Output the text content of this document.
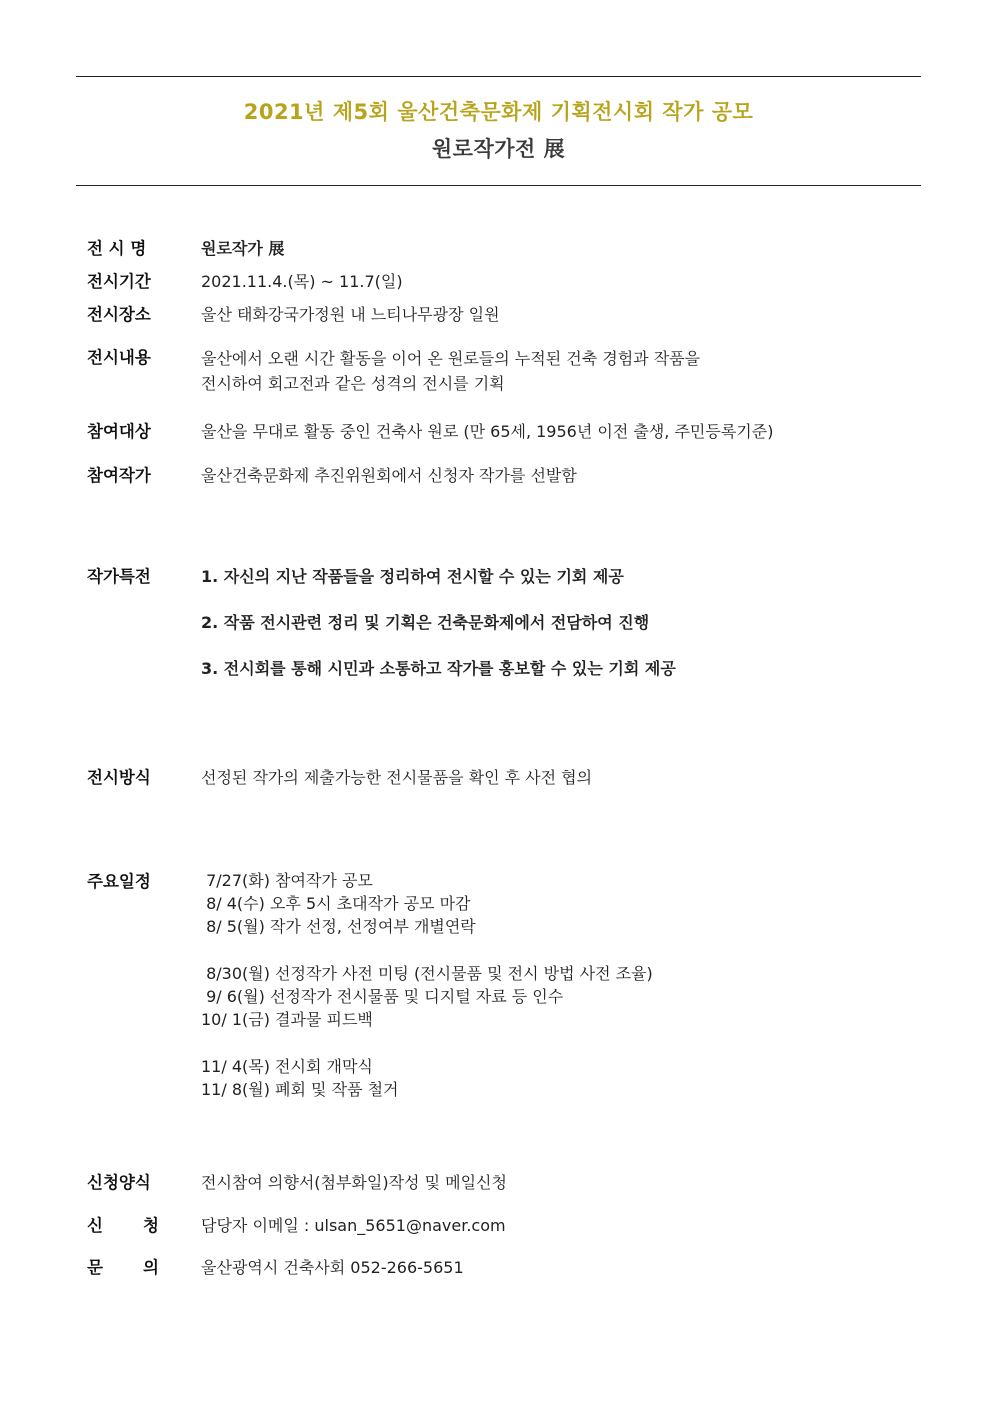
2021년 제5회 울산건축문화제 기획전시회 작가 공모
원로작가전 展
전 시 명	원로작가 展
전시기간	2021.11.4.(목) ~ 11.7(일)
전시장소	울산 태화강국가정원 내 느티나무광장 일원
전시내용	울산에서 오랜 시간 활동을 이어 온 원로들의 누적된 건축 경험과 작품을
전시하여 회고전과 같은 성격의 전시를 기획
참여대상	울산을 무대로 활동 중인 건축사 원로 (만 65세, 1956년 이전 출생, 주민등록기준)
참여작가	울산건축문화제 추진위원회에서 신청자 작가를 선발함
작가특전	1. 자신의 지난 작품들을 정리하여 전시할 수 있는 기회 제공
2. 작품 전시관련 정리 및 기획은 건축문화제에서 전담하여 진행
3. 전시회를 통해 시민과 소통하고 작가를 홍보할 수 있는 기회 제공
전시방식	선정된 작가의 제출가능한 전시물품을 확인 후 사전 협의
주요일정	7/27(화) 참여작가 공모
8/ 4(수) 오후 5시 초대작가 공모 마감
8/ 5(월) 작가 선정, 선정여부 개별연락
8/30(월) 선정작가 사전 미팅 (전시물품 및 전시 방법 사전 조율)
9/ 6(월) 선정작가 전시물품 및 디지털 자료 등 인수
10/ 1(금) 결과물 피드백
11/ 4(목) 전시회 개막식
11/ 8(월) 폐회 및 작품 철거
신청양식	전시참여 의향서(첨부화일)작성 및 메일신청
신 청	담당자 이메일 : ulsan_5651@naver.com
문 의	울산광역시 건축사회 052-266-5651
